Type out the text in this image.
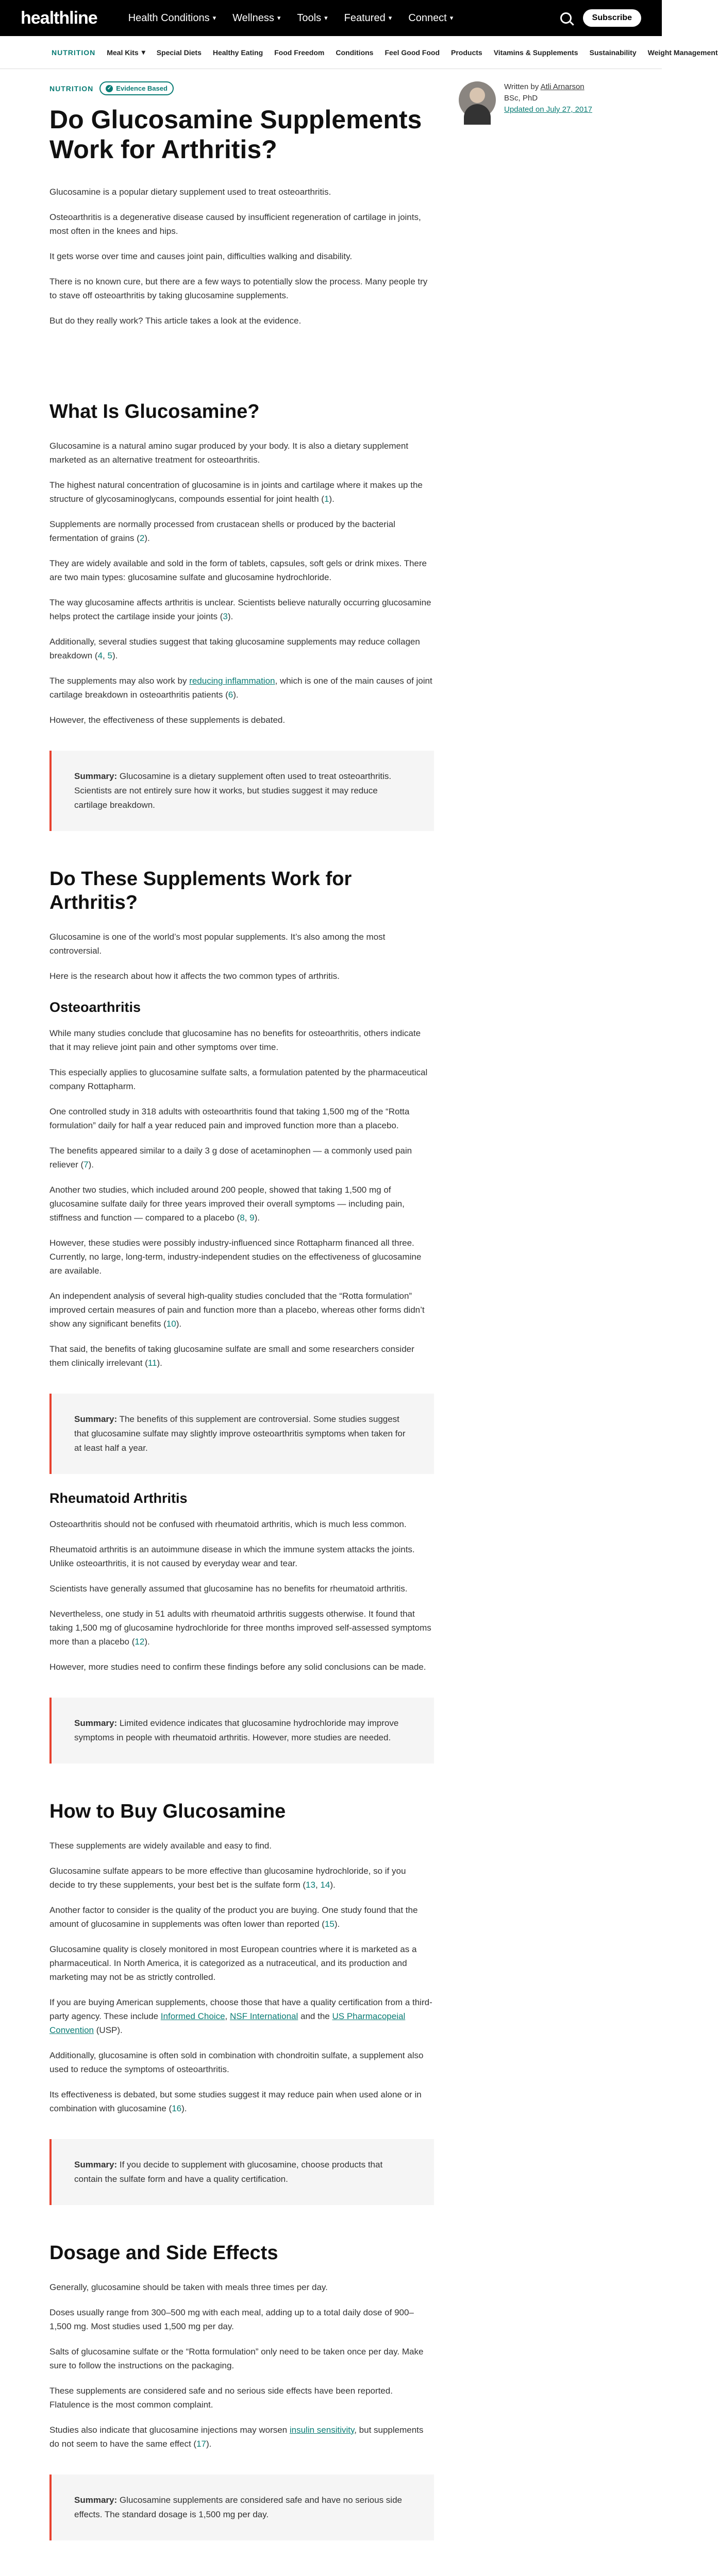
healthline	Health Conditions ▾ Wellness ▾ Tools ▾ Featured ▾ Connect ▾	Subscribe
NUTRITION Meal Kits ▾ Special Diets Healthy Eating Food Freedom Conditions Feel Good Food Products Vitamins & Supplements Sustainability Weight Management
Written by Atli Arnarson
BSc, PhD
Updated on July 27, 2017
NUTRITION	✓ Evidence Based
Do Glucosamine Supplements Work for Arthritis?

Glucosamine is a popular dietary supplement used to treat osteoarthritis.

Osteoarthritis is a degenerative disease caused by insufficient regeneration of cartilage in joints, most often in the knees and hips.

It gets worse over time and causes joint pain, difficulties walking and disability.

There is no known cure, but there are a few ways to potentially slow the process. Many people try to stave off osteoarthritis by taking glucosamine supplements.

But do they really work? This article takes a look at the evidence.

What Is Glucosamine?

Glucosamine is a natural amino sugar produced by your body. It is also a dietary supplement marketed as an alternative treatment for osteoarthritis.

The highest natural concentration of glucosamine is in joints and cartilage where it makes up the structure of glycosaminoglycans, compounds essential for joint health (1).

Supplements are normally processed from crustacean shells or produced by the bacterial fermentation of grains (2).

They are widely available and sold in the form of tablets, capsules, soft gels or drink mixes. There are two main types: glucosamine sulfate and glucosamine hydrochloride.

The way glucosamine affects arthritis is unclear. Scientists believe naturally occurring glucosamine helps protect the cartilage inside your joints (3).

Additionally, several studies suggest that taking glucosamine supplements may reduce collagen breakdown (4, 5).

The supplements may also work by reducing inflammation, which is one of the main causes of joint cartilage breakdown in osteoarthritis patients (6).

However, the effectiveness of these supplements is debated.

Summary: Glucosamine is a dietary supplement often used to treat osteoarthritis. Scientists are not entirely sure how it works, but studies suggest it may reduce cartilage breakdown.

Do These Supplements Work for Arthritis?

Glucosamine is one of the world’s most popular supplements. It’s also among the most controversial.

Here is the research about how it affects the two common types of arthritis.

Osteoarthritis

While many studies conclude that glucosamine has no benefits for osteoarthritis, others indicate that it may relieve joint pain and other symptoms over time.

This especially applies to glucosamine sulfate salts, a formulation patented by the pharmaceutical company Rottapharm.

One controlled study in 318 adults with osteoarthritis found that taking 1,500 mg of the “Rotta formulation” daily for half a year reduced pain and improved function more than a placebo.

The benefits appeared similar to a daily 3 g dose of acetaminophen — a commonly used pain reliever (7).

Another two studies, which included around 200 people, showed that taking 1,500 mg of glucosamine sulfate daily for three years improved their overall symptoms — including pain, stiffness and function — compared to a placebo (8, 9).

However, these studies were possibly industry-influenced since Rottapharm financed all three. Currently, no large, long-term, industry-independent studies on the effectiveness of glucosamine are available.

An independent analysis of several high-quality studies concluded that the “Rotta formulation” improved certain measures of pain and function more than a placebo, whereas other forms didn’t show any significant benefits (10).

That said, the benefits of taking glucosamine sulfate are small and some researchers consider them clinically irrelevant (11).

Summary: The benefits of this supplement are controversial. Some studies suggest that glucosamine sulfate may slightly improve osteoarthritis symptoms when taken for at least half a year.

Rheumatoid Arthritis

Osteoarthritis should not be confused with rheumatoid arthritis, which is much less common.

Rheumatoid arthritis is an autoimmune disease in which the immune system attacks the joints. Unlike osteoarthritis, it is not caused by everyday wear and tear.

Scientists have generally assumed that glucosamine has no benefits for rheumatoid arthritis.

Nevertheless, one study in 51 adults with rheumatoid arthritis suggests otherwise. It found that taking 1,500 mg of glucosamine hydrochloride for three months improved self-assessed symptoms more than a placebo (12).

However, more studies need to confirm these findings before any solid conclusions can be made.

Summary: Limited evidence indicates that glucosamine hydrochloride may improve symptoms in people with rheumatoid arthritis. However, more studies are needed.

How to Buy Glucosamine

These supplements are widely available and easy to find.

Glucosamine sulfate appears to be more effective than glucosamine hydrochloride, so if you decide to try these supplements, your best bet is the sulfate form (13, 14).

Another factor to consider is the quality of the product you are buying. One study found that the amount of glucosamine in supplements was often lower than reported (15).

Glucosamine quality is closely monitored in most European countries where it is marketed as a pharmaceutical. In North America, it is categorized as a nutraceutical, and its production and marketing may not be as strictly controlled.

If you are buying American supplements, choose those that have a quality certification from a third-party agency. These include Informed Choice, NSF International and the US Pharmacopeial Convention (USP).

Additionally, glucosamine is often sold in combination with chondroitin sulfate, a supplement also used to reduce the symptoms of osteoarthritis.

Its effectiveness is debated, but some studies suggest it may reduce pain when used alone or in combination with glucosamine (16).

Summary: If you decide to supplement with glucosamine, choose products that contain the sulfate form and have a quality certification.

Dosage and Side Effects

Generally, glucosamine should be taken with meals three times per day.

Doses usually range from 300–500 mg with each meal, adding up to a total daily dose of 900–1,500 mg. Most studies used 1,500 mg per day.

Salts of glucosamine sulfate or the “Rotta formulation” only need to be taken once per day. Make sure to follow the instructions on the packaging.

These supplements are considered safe and no serious side effects have been reported. Flatulence is the most common complaint.

Studies also indicate that glucosamine injections may worsen insulin sensitivity, but supplements do not seem to have the same effect (17).

Summary: Glucosamine supplements are considered safe and have no serious side effects. The standard dosage is 1,500 mg per day.
